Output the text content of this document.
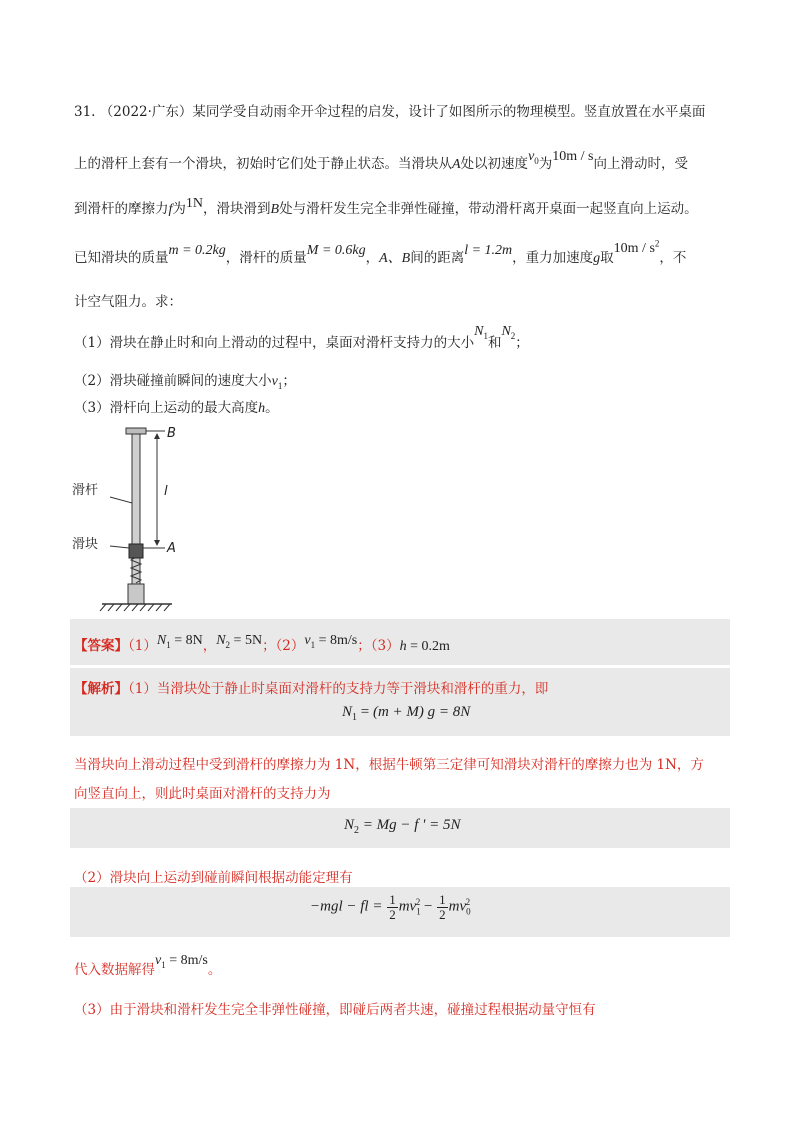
31. （2022·广东）某同学受自动雨伞开伞过程的启发，设计了如图所示的物理模型。竖直放置在水平桌面
上的滑杆上套有一个滑块，初始时它们处于静止状态。当滑块从A处以初速度$v_0$为10m / s向上滑动时，受
到滑杆的摩擦力f为1N，滑块滑到B处与滑杆发生完全非弹性碰撞，带动滑杆离开桌面一起竖直向上运动。
已知滑块的质量m = 0.2kg，滑杆的质量M = 0.6kg，A、B间的距离l = 1.2m，重力加速度g取$10m / s^2$，不
计空气阻力。求：
（1）滑块在静止时和向上滑动的过程中，桌面对滑杆支持力的大小$N_1$和$N_2$；
（2）滑块碰撞前瞬间的速度大小$v_1$；
（3）滑杆向上运动的最大高度h。
B
A
l
滑杆
滑块
【答案】$(1)N_1 = 8N$，$N_2 = 5N$；$(2)v_1 = 8m/s$；（3）h = 0.2m
【解析】（1）当滑块处于静止时桌面对滑杆的支持力等于滑块和滑杆的重力，即
$N_1 = (m + M) g = 8N$
当滑块向上滑动过程中受到滑杆的摩擦力为 1N，根据牛顿第三定律可知滑块对滑杆的摩擦力也为 1N，方
向竖直向上，则此时桌面对滑杆的支持力为
$N_2 = Mg - f$ ' = 5N
（2）滑块向上运动到碰前瞬间根据动能定理有
−mgl − fl = $\frac{1}{2} mv_1^2 - \frac{1}{2} mv_0^2$
代入数据解得$v_1 = 8m/s$。
（3）由于滑块和滑杆发生完全非弹性碰撞，即碰后两者共速，碰撞过程根据动量守恒有
